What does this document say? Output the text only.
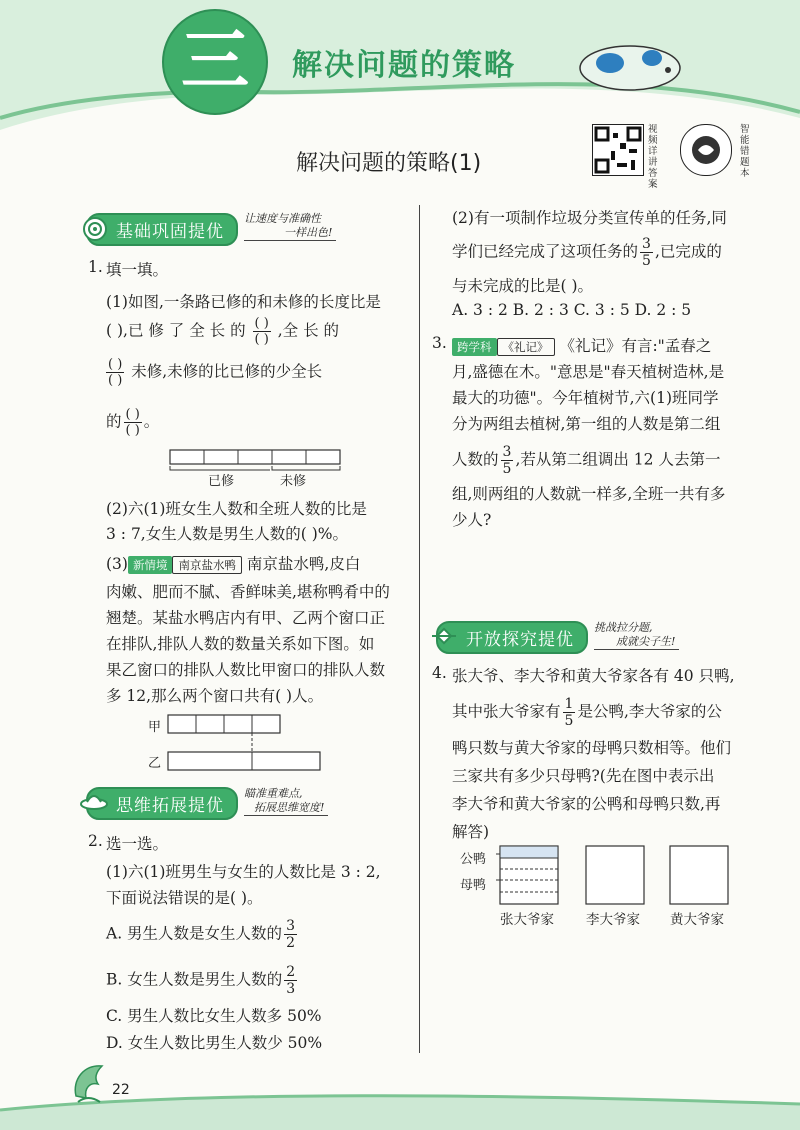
三	解决问题的策略
解决问题的策略(1)
视频详讲答案
智能错题本
基础巩固提优
让速度与准确性
一样出色!
1. 填一填。
(1)如图,一条路已修的和未修的长度比是
( ),已 修 了 全 长 的 $\frac{( )}{( )}$ ,全 长 的
$\frac{( )}{( )}$ 未修,未修的比已修的少全长
的 $\frac{( )}{( )}$ 。
已修	未修
(2)六(1)班女生人数和全班人数的比是
3 : 7,女生人数是男生人数的( )%。
(3) 新情境 南京盐水鸭 南京盐水鸭,皮白
肉嫩、肥而不腻、香鲜味美,堪称鸭肴中的
翘楚。某盐水鸭店内有甲、乙两个窗口正
在排队,排队人数的数量关系如下图。如
果乙窗口的排队人数比甲窗口的排队人数
多 12,那么两个窗口共有( )人。
甲
乙
思维拓展提优
瞄准重难点,
拓展思维宽度!
2. 选一选。
(1)六(1)班男生与女生的人数比是 3 : 2,
下面说法错误的是( )。
A. 男生人数是女生人数的 $\frac{3}{2}$
B. 女生人数是男生人数的 $\frac{2}{3}$
C. 男生人数比女生人数多 50%
D. 女生人数比男生人数少 50%
(2)有一项制作垃圾分类宣传单的任务,同
学们已经完成了这项任务的 $\frac{3}{5}$ ,已完成的
与未完成的比是( )。
A. 3 : 2 B. 2 : 3 C. 3 : 5 D. 2 : 5
3. 跨学科 《礼记》 《礼记》有言:"孟春之
月,盛德在木。"意思是"春天植树造林,是
最大的功德"。今年植树节,六(1)班同学
分为两组去植树,第一组的人数是第二组
人数的 $\frac{3}{5}$ ,若从第二组调出 12 人去第一
组,则两组的人数就一样多,全班一共有多
少人?
开放探究提优
挑战拉分题,
成就尖子生!
4. 张大爷、李大爷和黄大爷家各有 40 只鸭,
其中张大爷家有 $\frac{1}{5}$ 是公鸭,李大爷家的公
鸭只数与黄大爷家的母鸭只数相等。他们
三家共有多少只母鸭?(先在图中表示出
李大爷和黄大爷家的公鸭和母鸭只数,再
解答)
公鸭
母鸭
张大爷家 李大爷家 黄大爷家
22
